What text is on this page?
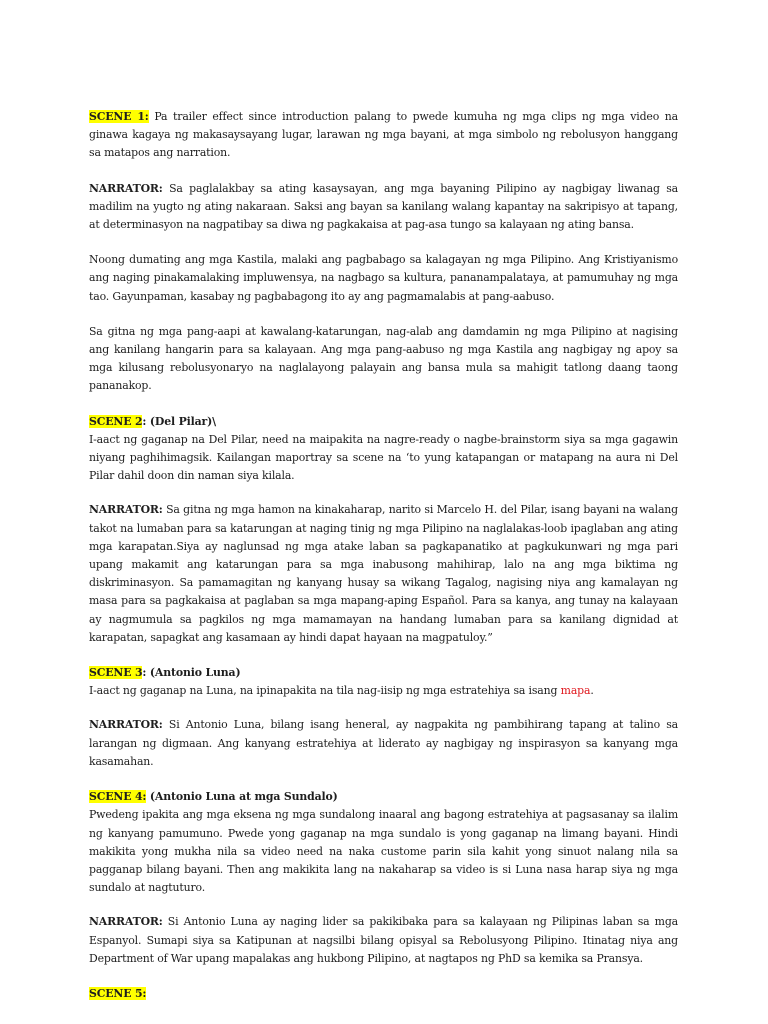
SCENE 1: Pa trailer effect since introduction palang to pwede kumuha ng mga clips ng mga video na ginawa kagaya ng makasaysayang lugar, larawan ng mga bayani, at mga simbolo ng rebolusyon hanggang sa matapos ang narration.

NARRATOR: Sa paglalakbay sa ating kasaysayan, ang mga bayaning Pilipino ay nagbigay liwanag sa madilim na yugto ng ating nakaraan. Saksi ang bayan sa kanilang walang kapantay na sakripisyo at tapang, at determinasyon na nagpatibay sa diwa ng pagkakaisa at pag-asa tungo sa kalayaan ng ating bansa.

Noong dumating ang mga Kastila, malaki ang pagbabago sa kalagayan ng mga Pilipino. Ang Kristiyanismo ang naging pinakamalaking impluwensya, na nagbago sa kultura, pananampalataya, at pamumuhay ng mga tao. Gayunpaman, kasabay ng pagbabagong ito ay ang pagmamalabis at pang-aabuso.

Sa gitna ng mga pang-aapi at kawalang-katarungan, nag-alab ang damdamin ng mga Pilipino at nagising ang kanilang hangarin para sa kalayaan. Ang mga pang-aabuso ng mga Kastila ang nagbigay ng apoy sa mga kilusang rebolusyonaryo na naglalayong palayain ang bansa mula sa mahigit tatlong daang taong pananakop.

SCENE 2: (Del Pilar)\
I-aact ng gaganap na Del Pilar, need na maipakita na nagre-ready o nagbe-brainstorm siya sa mga gagawin niyang paghihimagsik. Kailangan maportray sa scene na ‘to yung katapangan or matapang na aura ni Del Pilar dahil doon din naman siya kilala.

NARRATOR: Sa gitna ng mga hamon na kinakaharap, narito si Marcelo H. del Pilar, isang bayani na walang takot na lumaban para sa katarungan at naging tinig ng mga Pilipino na naglalakas-loob ipaglaban ang ating mga karapatan.Siya ay naglunsad ng mga atake laban sa pagkapanatiko at pagkukunwari ng mga pari upang makamit ang katarungan para sa mga inabusong mahihirap, lalo na ang mga biktima ng diskriminasyon. Sa pamamagitan ng kanyang husay sa wikang Tagalog, nagising niya ang kamalayan ng masa para sa pagkakaisa at paglaban sa mga mapang-aping Español. Para sa kanya, ang tunay na kalayaan ay nagmumula sa pagkilos ng mga mamamayan na handang lumaban para sa kanilang dignidad at karapatan, sapagkat ang kasamaan ay hindi dapat hayaan na magpatuloy.”

SCENE 3: (Antonio Luna)
I-aact ng gaganap na Luna, na ipinapakita na tila nag-iisip ng mga estratehiya sa isang mapa.

NARRATOR: Si Antonio Luna, bilang isang heneral, ay nagpakita ng pambihirang tapang at talino sa larangan ng digmaan. Ang kanyang estratehiya at liderato ay nagbigay ng inspirasyon sa kanyang mga kasamahan.

SCENE 4: (Antonio Luna at mga Sundalo)
Pwedeng ipakita ang mga eksena ng mga sundalong inaaral ang bagong estratehiya at pagsasanay sa ilalim ng kanyang pamumuno. Pwede yong gaganap na mga sundalo is yong gaganap na limang bayani. Hindi makikita yong mukha nila sa video need na naka custome parin sila kahit yong sinuot nalang nila sa pagganap bilang bayani. Then ang makikita lang na nakaharap sa video is si Luna nasa harap siya ng mga sundalo at nagtuturo.

NARRATOR: Si Antonio Luna ay naging lider sa pakikibaka para sa kalayaan ng Pilipinas laban sa mga Espanyol. Sumapi siya sa Katipunan at nagsilbi bilang opisyal sa Rebolusyong Pilipino. Itinatag niya ang Department of War upang mapalakas ang hukbong Pilipino, at nagtapos ng PhD sa kemika sa Pransya.

SCENE 5:
